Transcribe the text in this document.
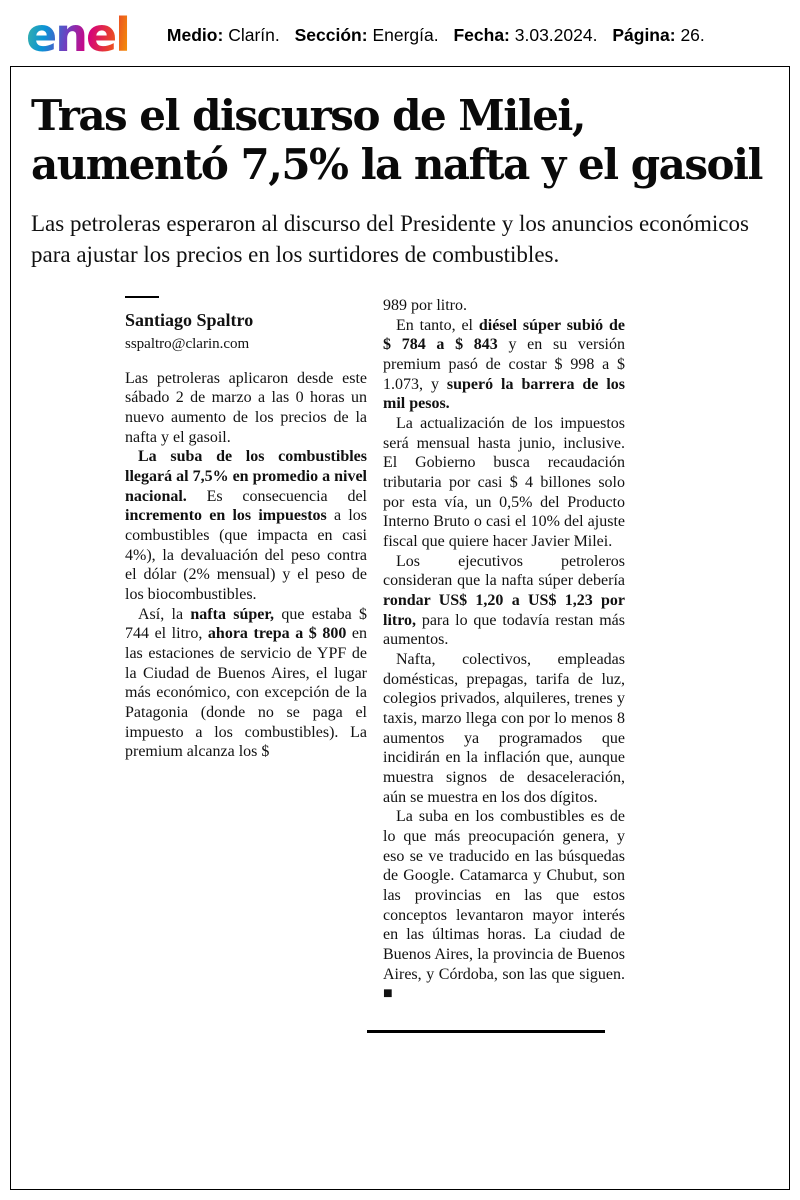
enel Medio: Clarín. Sección: Energía. Fecha: 3.03.2024. Página: 26.
Tras el discurso de Milei,
aumentó 7,5% la nafta y el gasoil

Las petroleras esperaron al discurso del Presidente y los anuncios económicos para ajustar los precios en los surtidores de combustibles.

Santiago Spaltro
sspaltro@clarin.com

Las petroleras aplicaron desde este sábado 2 de marzo a las 0 horas un nuevo aumento de los precios de la nafta y el gasoil.

La suba de los combustibles llegará al 7,5% en promedio a nivel nacional. Es consecuencia del incremento en los impuestos a los combustibles (que impacta en casi 4%), la devaluación del peso contra el dólar (2% mensual) y el peso de los biocombustibles.

Así, la nafta súper, que estaba $ 744 el litro, ahora trepa a $ 800 en las estaciones de servicio de YPF de la Ciudad de Buenos Aires, el lugar más económico, con excepción de la Patagonia (donde no se paga el impuesto a los combustibles). La premium alcanza los $

989 por litro.

En tanto, el diésel súper subió de $ 784 a $ 843 y en su versión premium pasó de costar $ 998 a $ 1.073, y superó la barrera de los mil pesos.

La actualización de los impuestos será mensual hasta junio, inclusive. El Gobierno busca recaudación tributaria por casi $ 4 billones solo por esta vía, un 0,5% del Producto Interno Bruto o casi el 10% del ajuste fiscal que quiere hacer Javier Milei.

Los ejecutivos petroleros consideran que la nafta súper debería rondar US$ 1,20 a US$ 1,23 por litro, para lo que todavía restan más aumentos.

Nafta, colectivos, empleadas domésticas, prepagas, tarifa de luz, colegios privados, alquileres, trenes y taxis, marzo llega con por lo menos 8 aumentos ya programados que incidirán en la inflación que, aunque muestra signos de desaceleración, aún se muestra en los dos dígitos.

La suba en los combustibles es de lo que más preocupación genera, y eso se ve traducido en las búsquedas de Google. Catamarca y Chubut, son las provincias en las que estos conceptos levantaron mayor interés en las últimas horas. La ciudad de Buenos Aires, la provincia de Buenos Aires, y Córdoba, son las que siguen. ■
